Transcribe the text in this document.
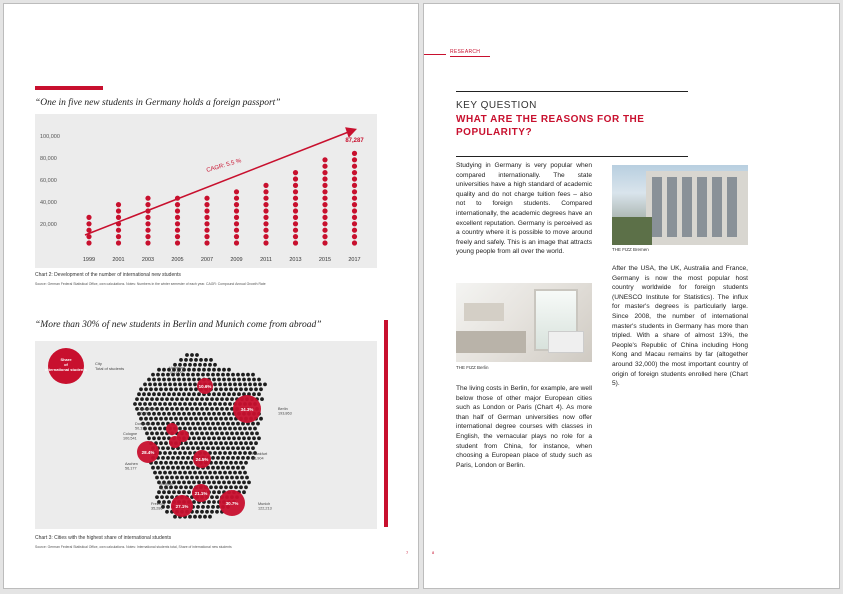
“One in five new students in Germany holds a foreign passport”
100,000
80,000
60,000
40,000
20,000
1999	2001	2003	2005	2007	2009	2011	2013	2015	2017
87,287
CAGR: 5.5 %
Chart 2: Development of the number of international new students
Source: German Federal Statistical Office, own calculations. Notes: Numbers in the winter semester of each year. CAGR: Compound Annual Growth Rate
“More than 30% of new students in Berlin and Munich come from abroad”
10.6%
Hamburg
101,660
34.3%	Berlin
193,863
Dusseldorf
52,471
Dortmund
50,312
Cologne
100,541
28.4%
Aachen
56,177
24.5%
Frankfurt
45,904
21.1%
Stuttgart
48,947
27.1%
Freiburg
35,286
30.7%	Munich
122,213
Share
of
international students
City
Total of students
Chart 3: Cities with the highest share of international students
Source: German Federal Statistical Office, own calculations. Notes: International students total, Share of international new students
7
RESEARCH
KEY QUESTION
WHAT ARE THE REASONS FOR THE
POPULARITY?
Studying in Germany is very popular when compared internationally. The state universities have a high standard of academic quality and do not charge tuition fees – also not to foreign students. Compared internationally, the academic degrees have an excellent reputation. Germany is perceived as a country where it is possible to move around freely and safely. This is an image that attracts young people from all over the world.
THE FIZZ Berlin
The living costs in Berlin, for example, are well below those of other major European cities such as London or Paris (Chart 4). As more than half of German universities now offer international degree courses with classes in English, the vernacular plays no role for a student from China, for instance, when choosing a European place of study such as Paris, London or Berlin.
THE FIZZ Bremen
After the USA, the UK, Australia and France, Germany is now the most popular host country worldwide for foreign students (UNESCO Institute for Statistics). The influx for master's degrees is particularly large. Since 2008, the number of international master's students in Germany has more than tripled. With a share of almost 13%, the People's Republic of China including Hong Kong and Macau remains by far (altogether around 32,000) the most important country of origin of foreign students enrolled here (Chart 5).
8
